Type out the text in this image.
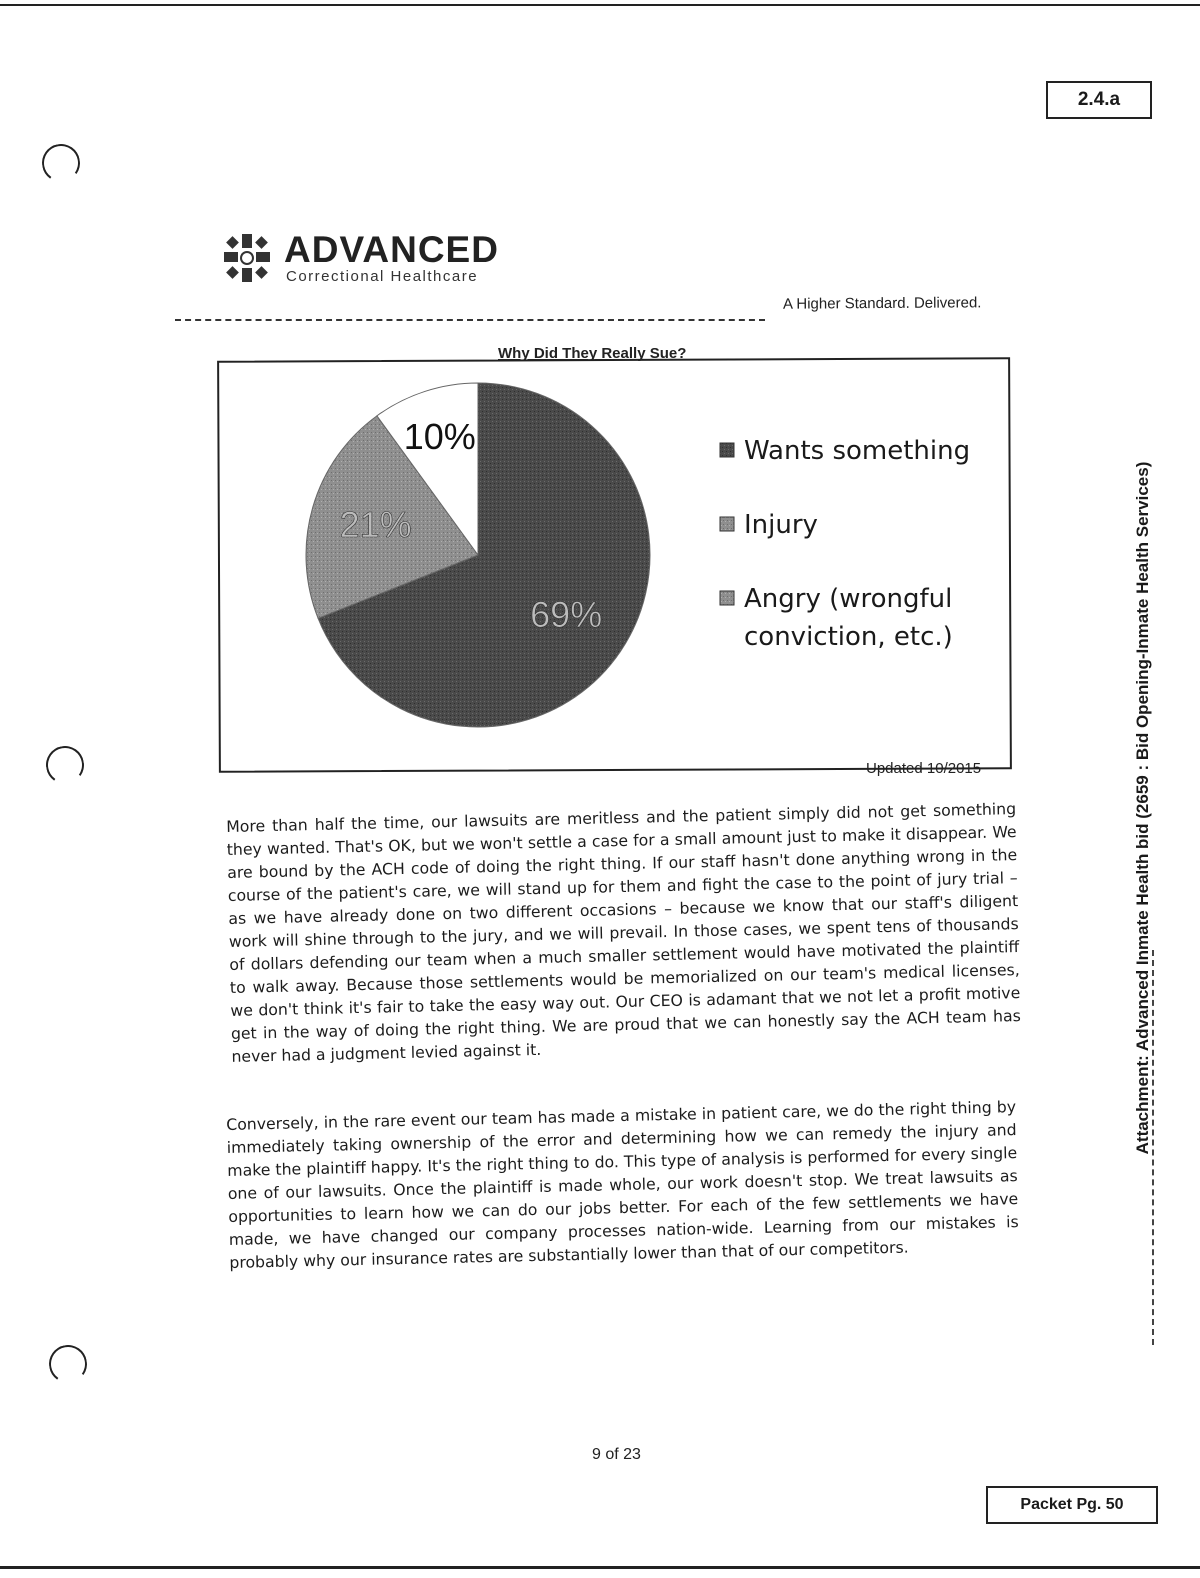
2.4.a
Attachment: Advanced Inmate Health bid (2659 : Bid Opening-Inmate Health Services)
ADVANCED
Correctional Healthcare
A Higher Standard. Delivered.
Why Did They Really Sue?
69%
21%
10%	Wants something
Injury
Angry (wrongful
conviction, etc.)
Updated 10/2015
More than half the time, our lawsuits are meritless and the patient simply did not get something they wanted. That's OK, but we won't settle a case for a small amount just to make it disappear. We are bound by the ACH code of doing the right thing. If our staff hasn't done anything wrong in the course of the patient's care, we will stand up for them and fight the case to the point of jury trial – as we have already done on two different occasions – because we know that our staff's diligent work will shine through to the jury, and we will prevail. In those cases, we spent tens of thousands of dollars defending our team when a much smaller settlement would have motivated the plaintiff to walk away. Because those settlements would be memorialized on our team's medical licenses, we don't think it's fair to take the easy way out. Our CEO is adamant that we not let a profit motive get in the way of doing the right thing. We are proud that we can honestly say the ACH team has never had a judgment levied against it.
Conversely, in the rare event our team has made a mistake in patient care, we do the right thing by immediately taking ownership of the error and determining how we can remedy the injury and make the plaintiff happy. It's the right thing to do. This type of analysis is performed for every single one of our lawsuits. Once the plaintiff is made whole, our work doesn't stop. We treat lawsuits as opportunities to learn how we can do our jobs better. For each of the few settlements we have made, we have changed our company processes nation-wide. Learning from our mistakes is probably why our insurance rates are substantially lower than that of our competitors.
9 of 23
Packet Pg. 50
